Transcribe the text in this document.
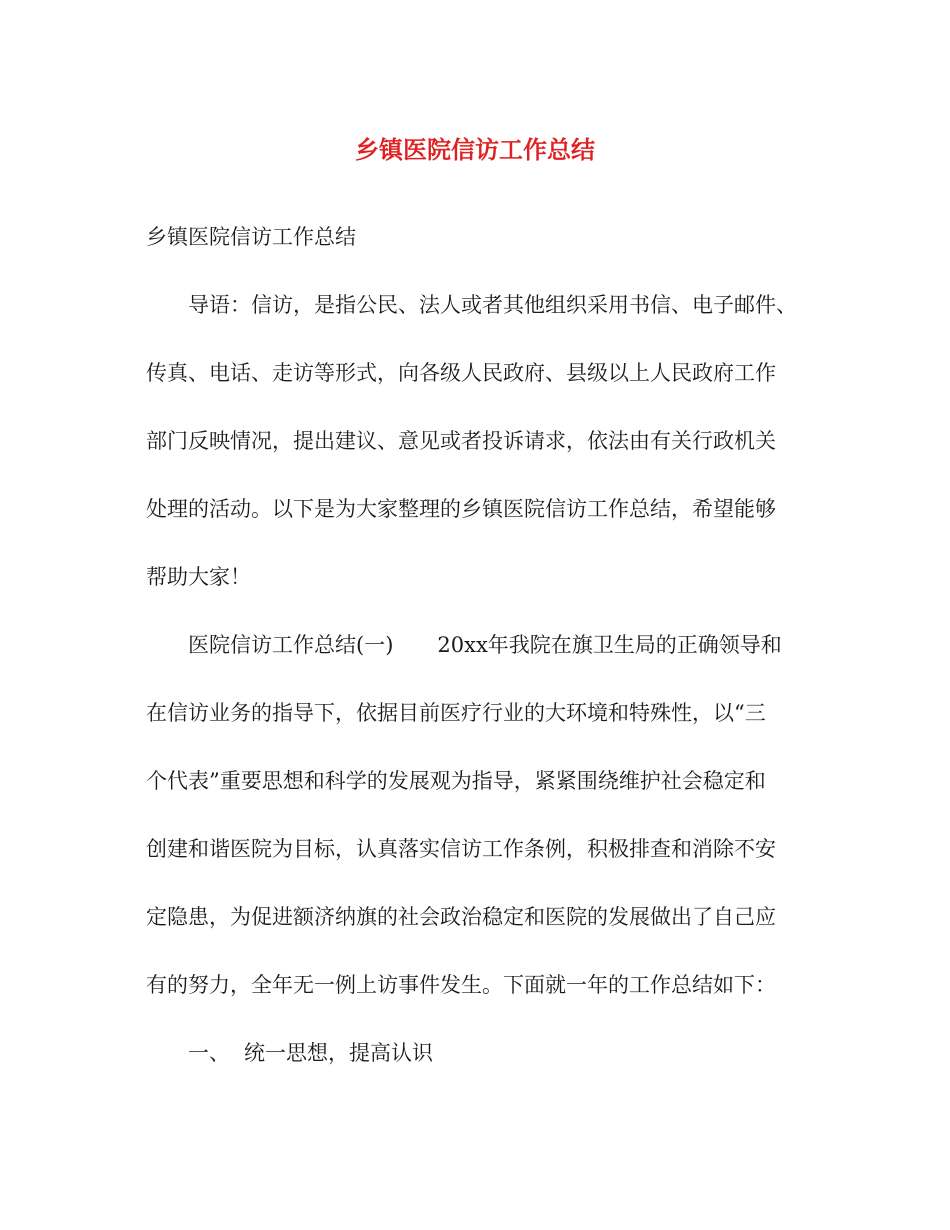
乡镇医院信访工作总结
乡镇医院信访工作总结
导语：信访，是指公民、法人或者其他组织采用书信、电子邮件、
传真、电话、走访等形式，向各级人民政府、县级以上人民政府工作
部门反映情况，提出建议、意见或者投诉请求，依法由有关行政机关
处理的活动。以下是为大家整理的乡镇医院信访工作总结，希望能够
帮助大家！
医院信访工作总结(一) 20xx年我院在旗卫生局的正确领导和
在信访业务的指导下，依据目前医疗行业的大环境和特殊性，以“三
个代表”重要思想和科学的发展观为指导，紧紧围绕维护社会稳定和
创建和谐医院为目标，认真落实信访工作条例，积极排查和消除不安
定隐患，为促进额济纳旗的社会政治稳定和医院的发展做出了自己应
有的努力，全年无一例上访事件发生。下面就一年的工作总结如下：
一、 统一思想，提高认识
